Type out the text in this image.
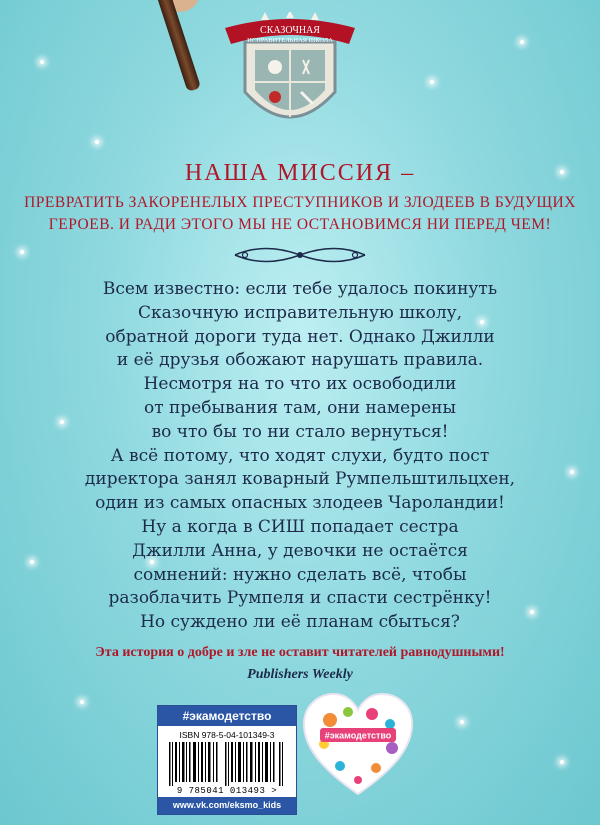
СКАЗОЧНАЯ
ИСПРАВИТЕЛЬНАЯ ШКОЛА
НАША МИССИЯ –
ПРЕВРАТИТЬ ЗАКОРЕНЕЛЫХ ПРЕСТУПНИКОВ И ЗЛОДЕЕВ В БУДУЩИХ
ГЕРОЕВ. И РАДИ ЭТОГО МЫ НЕ ОСТАНОВИМСЯ НИ ПЕРЕД ЧЕМ!
Всем известно: если тебе удалось покинуть
Сказочную исправительную школу,
обратной дороги туда нет. Однако Джилли
и её друзья обожают нарушать правила.
Несмотря на то что их освободили
от пребывания там, они намерены
во что бы то ни стало вернуться!
А всё потому, что ходят слухи, будто пост
директора занял коварный Румпельштильцхен,
один из самых опасных злодеев Чароландии!
Ну а когда в СИШ попадает сестра
Джилли Анна, у девочки не остаётся
сомнений: нужно сделать всё, чтобы
разоблачить Румпеля и спасти сестрёнку!
Но суждено ли её планам сбыться?
Эта история о добре и зле не оставит читателей равнодушными!
Publishers Weekly
#экамодетство
ISBN 978-5-04-101349-3
9 785041 013493 >
www.vk.com/eksmo_kids
#экамодетство
